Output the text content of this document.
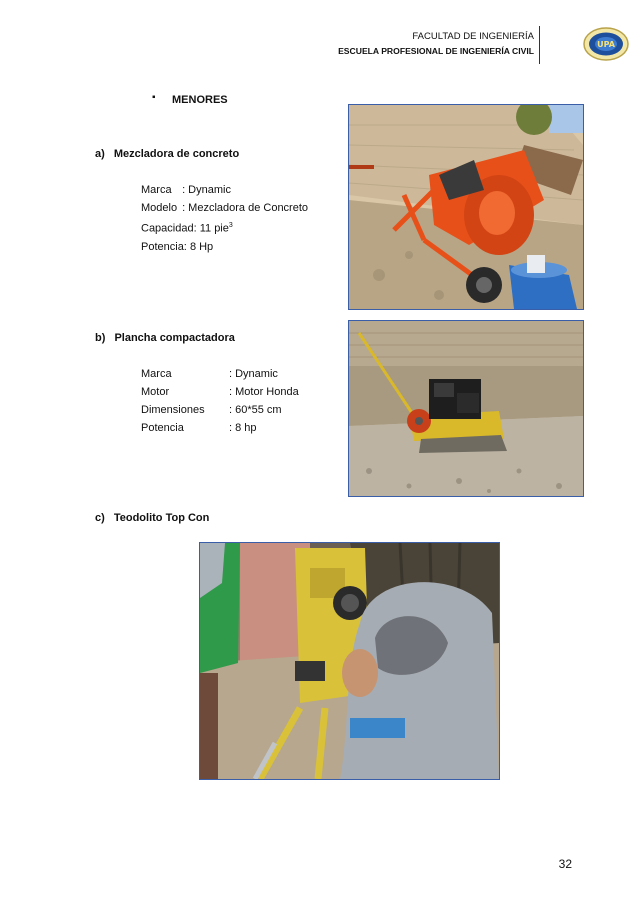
FACULTAD DE INGENIERÍA
ESCUELA PROFESIONAL DE INGENIERÍA CIVIL
UPA
▪ MENORES
a) Mezcladora de concreto
Marca : Dynamic
Modelo : Mezcladora de Concreto
Capacidad: 11 pie$^3$
Potencia: 8 Hp
b) Plancha compactadora
Marca	: Dynamic
Motor	: Motor Honda
Dimensiones : 60*55 cm
Potencia	: 8 hp
c) Teodolito Top Con
32
